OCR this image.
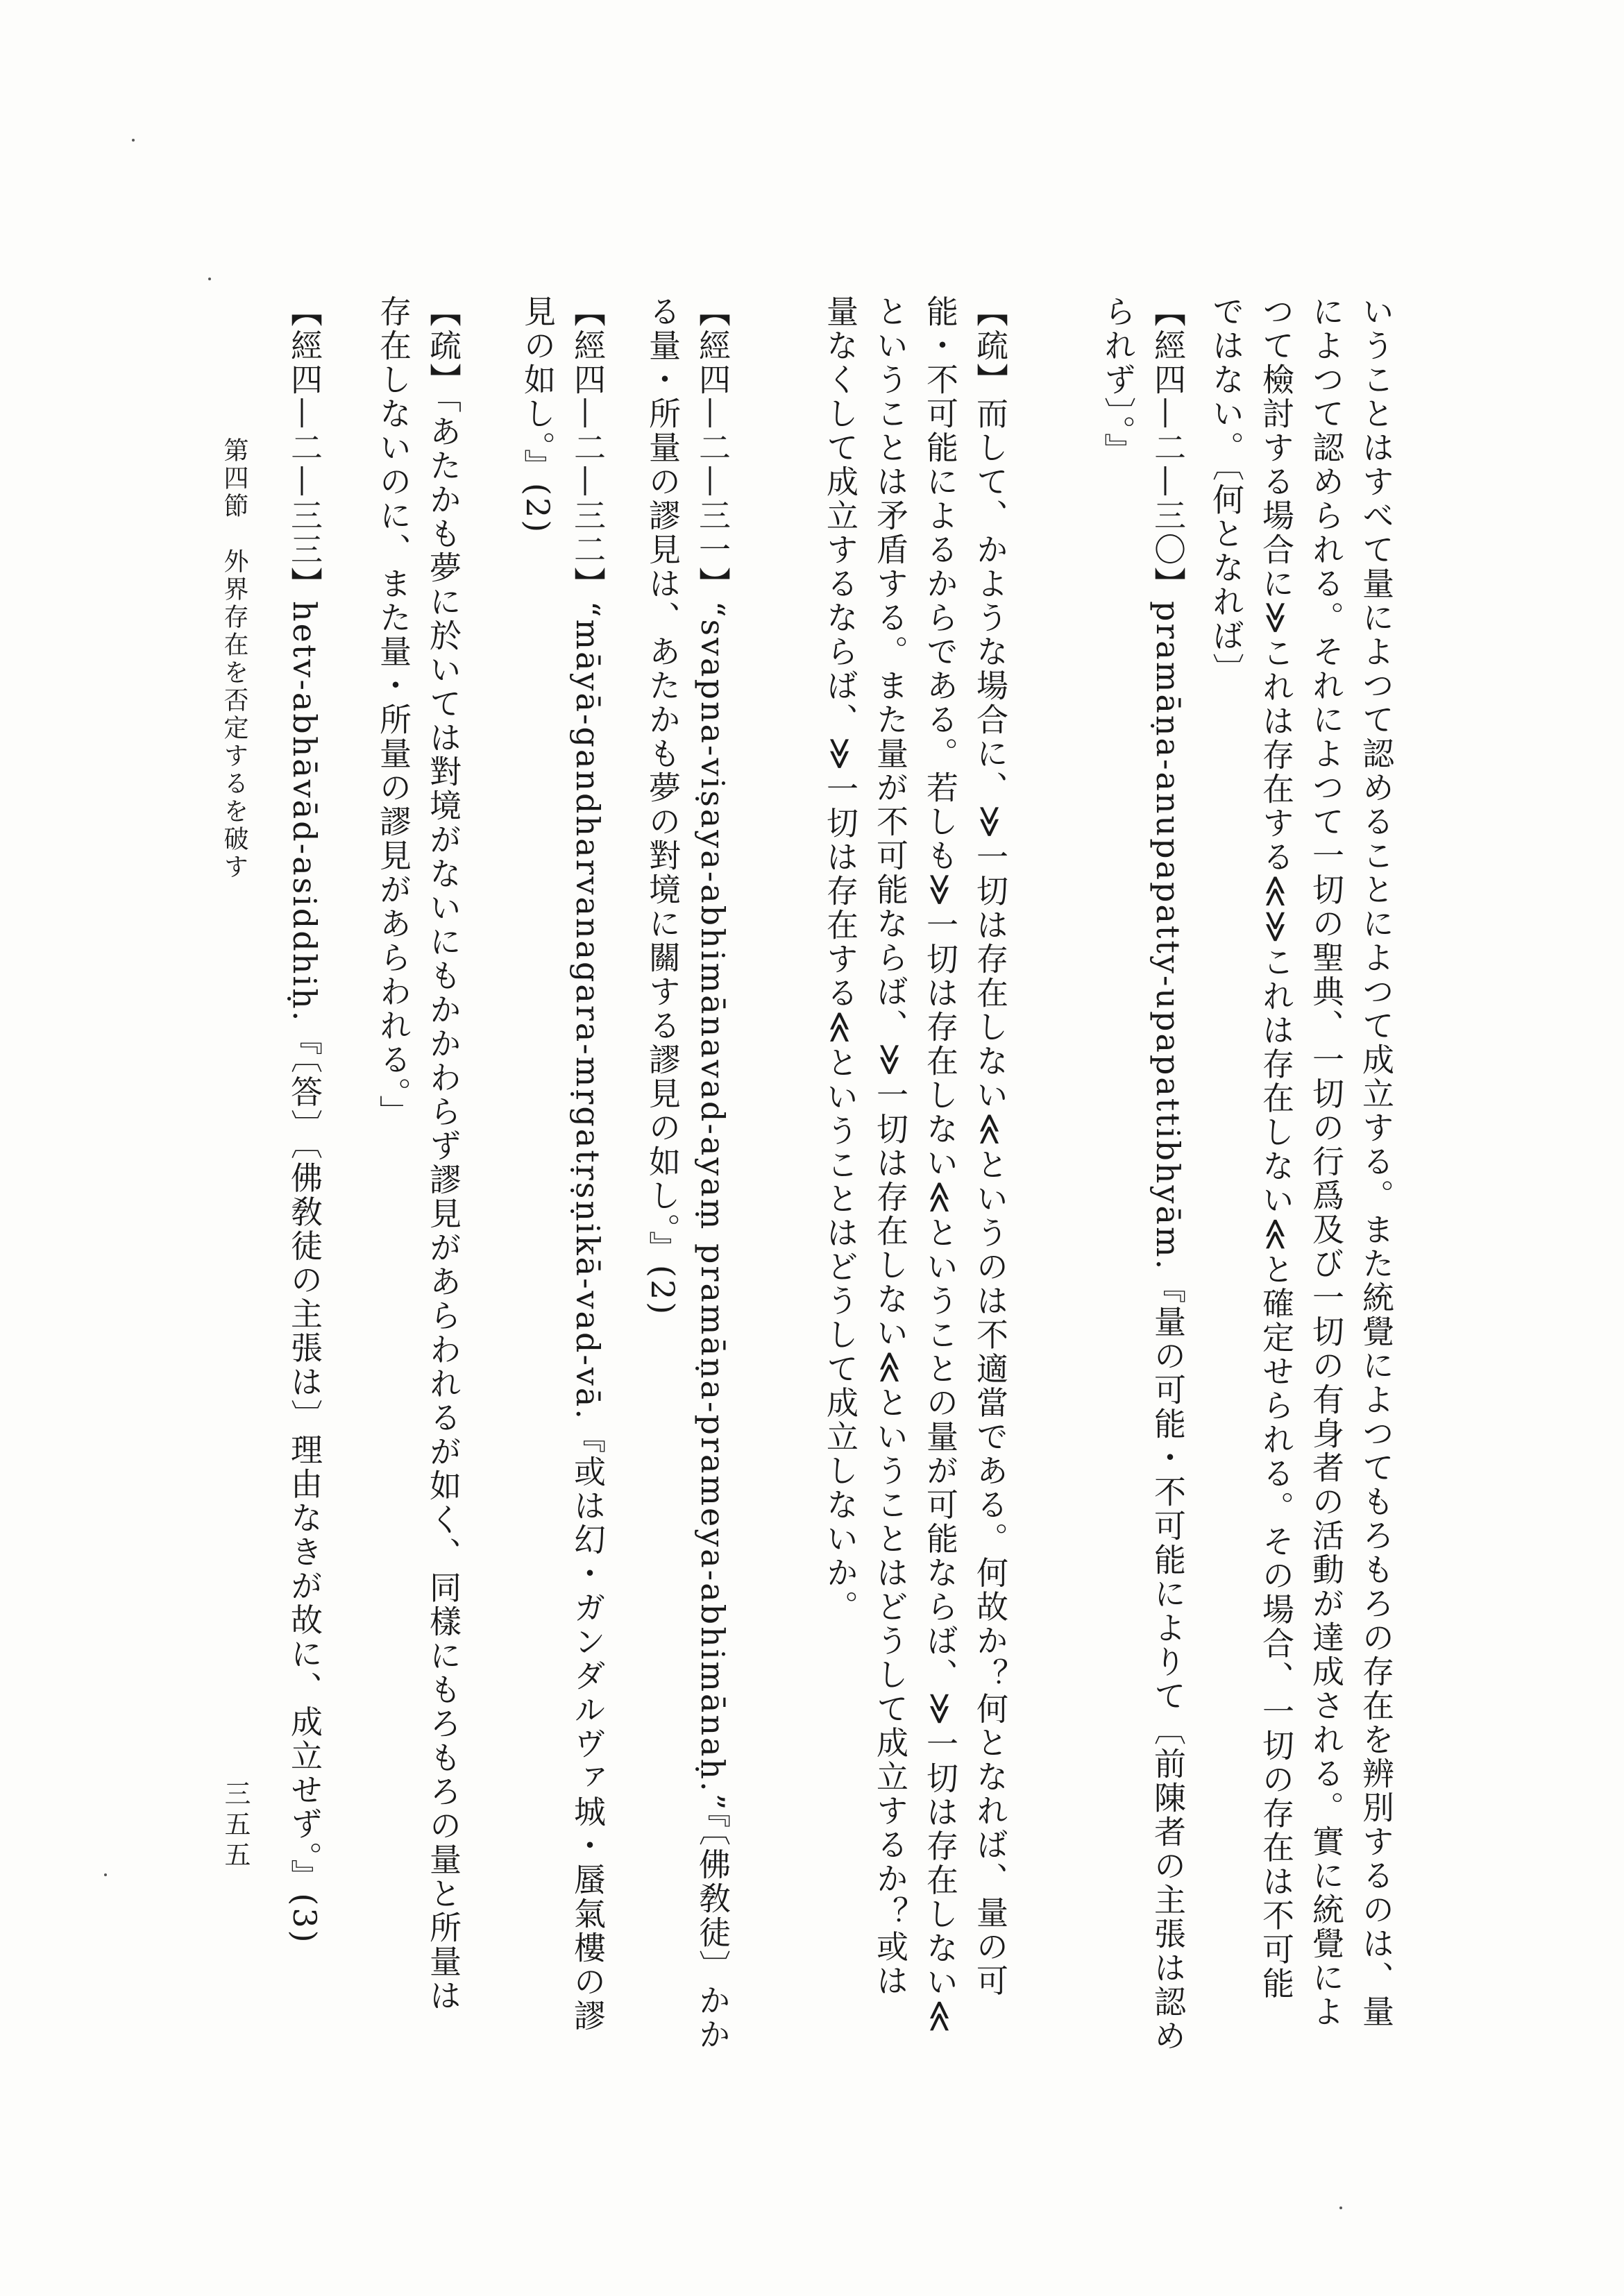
いうことはすべて量によつて認めることによつて成立する。また統覺によつてもろもろの存在を辨別するのは、量
によつて認められる。それによつて一切の聖典、一切の行爲及び一切の有身者の活動が達成される。實に統覺によ
つて檢討する場合に≫これは存在する≪≫これは存在しない≪と確定せられる。その場合、一切の存在は不可能
ではない。〔何となれば〕
【經四—二—三〇】pramāṇa-anupapatty-upapattibhyām.『量の可能・不可能によりて〔前陳者の主張は認め
られず〕。』
【疏】而して、かような場合に、≫一切は存在しない≪というのは不適當である。何故か？何となれば、量の可
能・不可能によるからである。若しも≫一切は存在しない≪ということの量が可能ならば、≫一切は存在しない≪
ということは矛盾する。また量が不可能ならば、≫一切は存在しない≪ということはどうして成立するか？或は
量なくして成立するならば、≫一切は存在する≪ということはどうして成立しないか。
【經四—二—三一】“svapna-viṣaya-abhimānavad-ayaṃ pramāṇa-prameya-abhimānaḥ.”『〔佛敎徒〕かか
る量・所量の謬見は、あたかも夢の對境に關する謬見の如し。』(2)
【經四—二—三二】“māyā-gandharvanagara-mṛgatṛṣṇikā-vad-vā.『或は幻・ガンダルヴァ城・蜃氣樓の謬
見の如し。』(2)
【疏】「あたかも夢に於いては對境がないにもかかわらず謬見があらわれるが如く、同樣にもろもろの量と所量は
存在しないのに、また量・所量の謬見があらわれる。」
【經四—二—三三】hetv-abhāvād-asiddhiḥ.『〔答〕〔佛敎徒の主張は〕理由なきが故に、成立せず。』(3)
第四節　外界存在を否定するを破す
三五五
